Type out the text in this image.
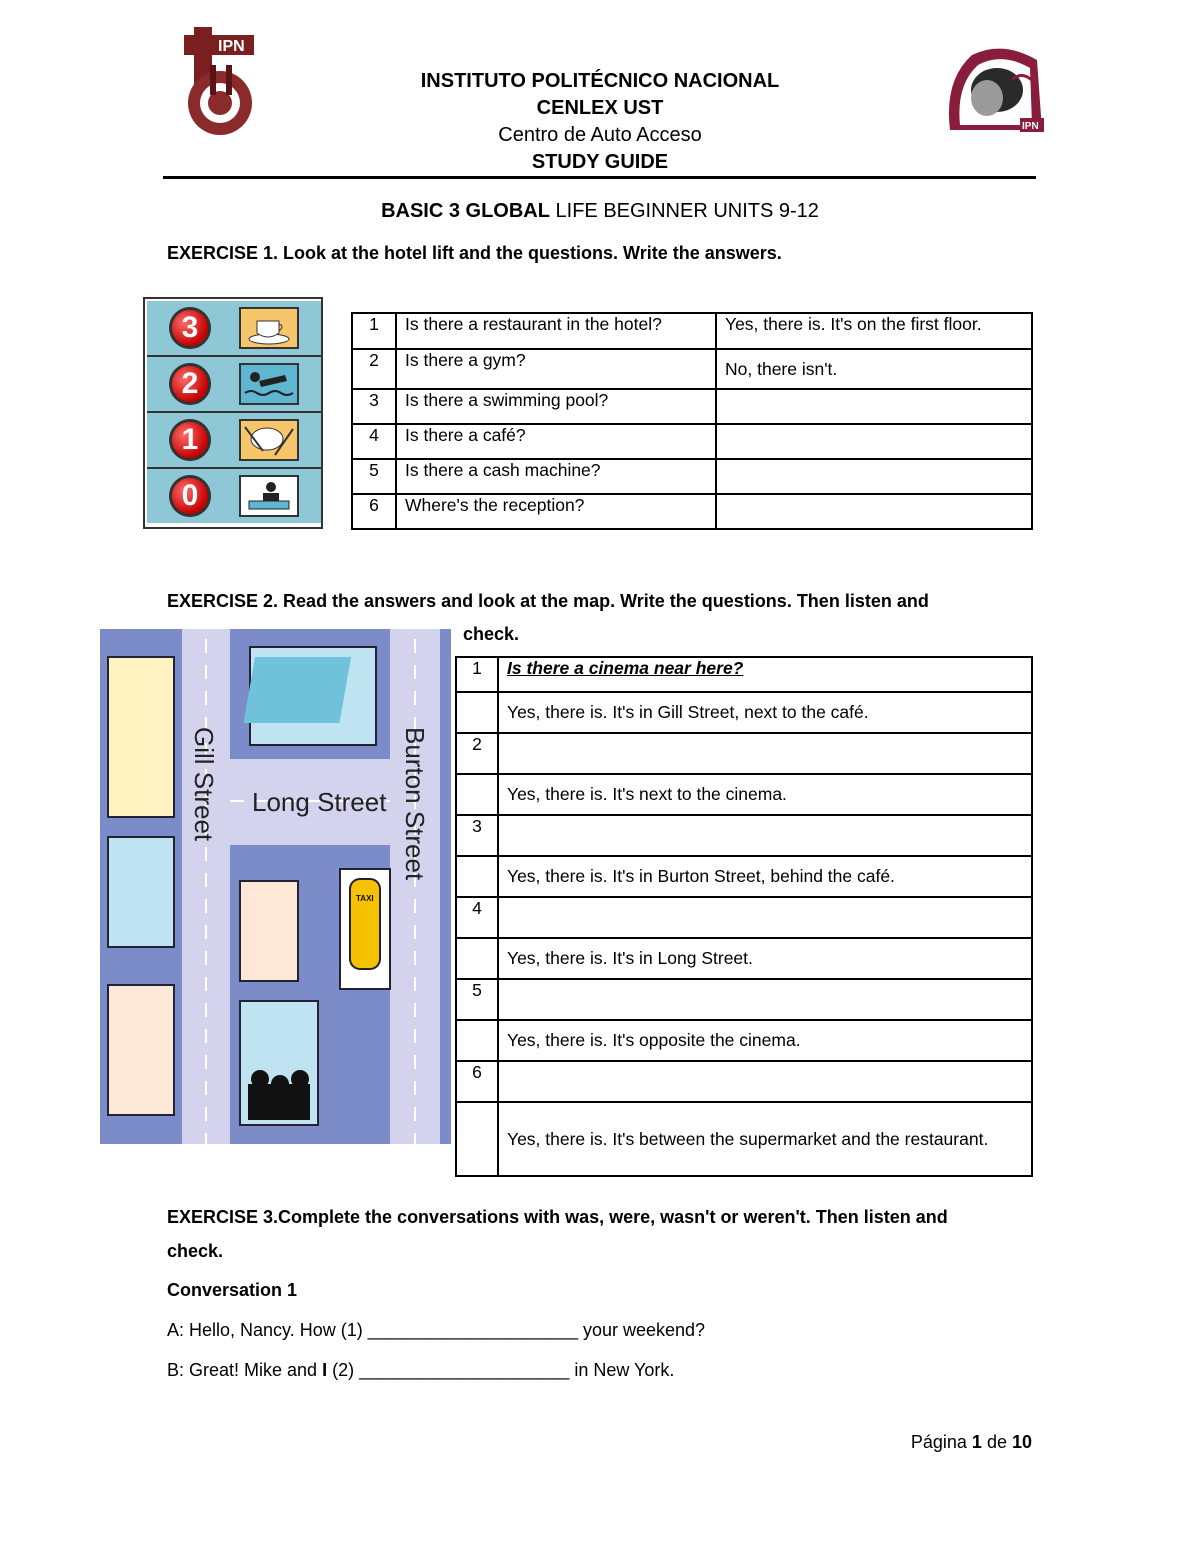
IPN
IPN
INSTITUTO POLITÉCNICO NACIONAL
CENLEX UST
Centro de Auto Acceso
STUDY GUIDE
BASIC 3 GLOBAL LIFE BEGINNER UNITS 9-12
EXERCISE 1. Look at the hotel lift and the questions. Write the answers.
3
2
1
0
1	Is there a restaurant in the hotel?	Yes, there is. It's on the first floor.
2	Is there a gym?	No, there isn't.
3	Is there a swimming pool?	
4	Is there a café?	
5	Is there a cash machine?	
6	Where's the reception?	
EXERCISE 2. Read the answers and look at the map. Write the questions. Then listen and
check.
TAXI
Gill Street Long Street Burton Street
1	Is there a cinema near here?
	Yes, there is. It's in Gill Street, next to the café.
2	
	Yes, there is. It's next to the cinema.
3	
	Yes, there is. It's in Burton Street, behind the café.
4	
	Yes, there is. It's in Long Street.
5	
	Yes, there is. It's opposite the cinema.
6	
	Yes, there is. It's between the supermarket and the restaurant.
EXERCISE 3.Complete the conversations with was, were, wasn't or weren't. Then listen and
check.
Conversation 1
A: Hello, Nancy. How (1) _____________________ your weekend?
B: Great! Mike and I (2) _____________________ in New York.
Página 1 de 10
